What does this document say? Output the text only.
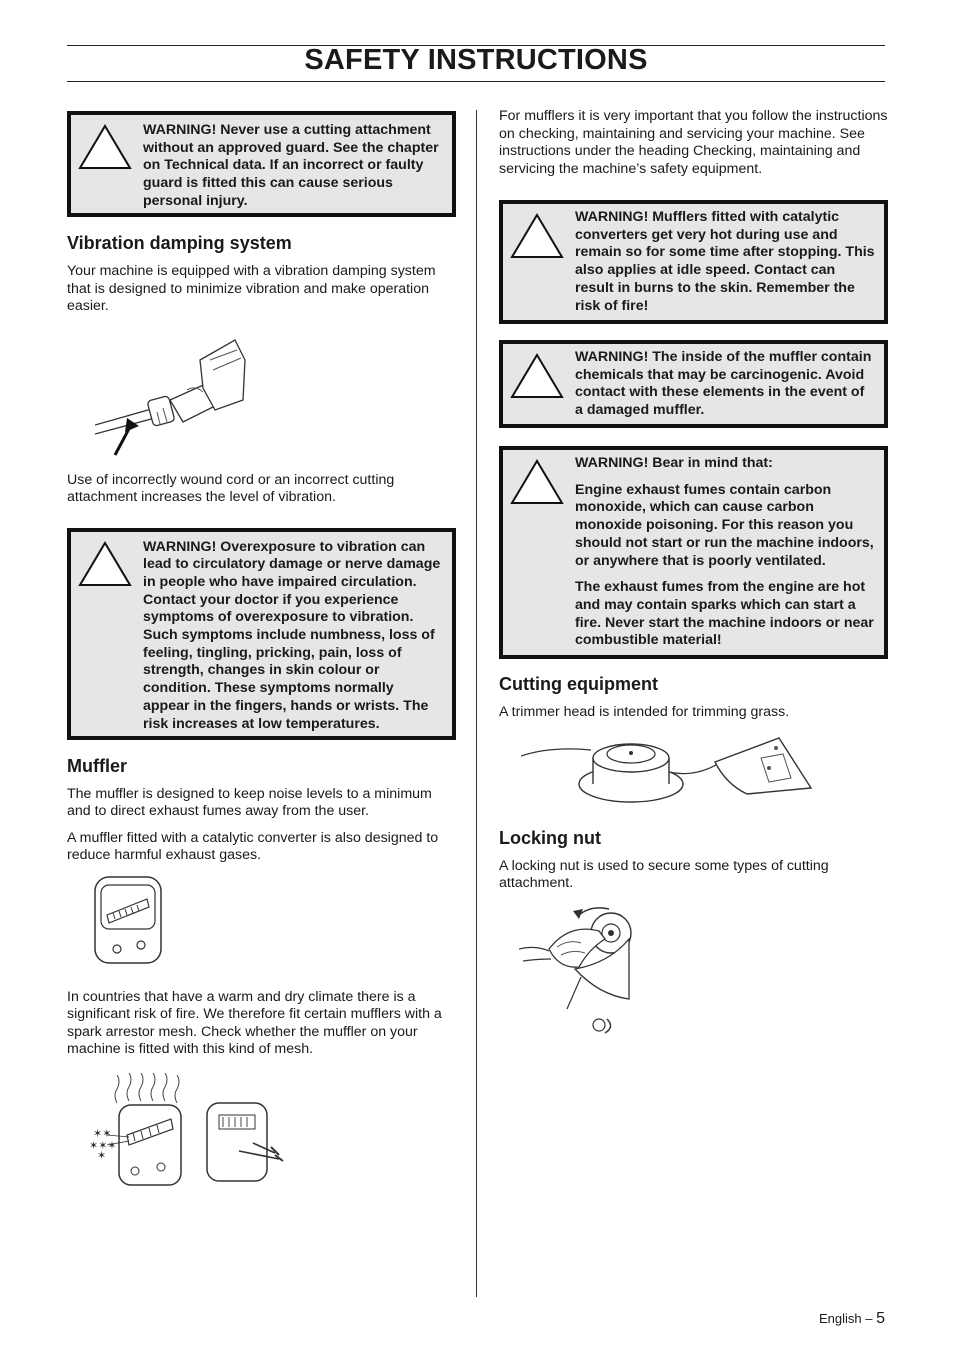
SAFETY INSTRUCTIONS

WARNING! Never use a cutting attachment without an approved guard. See the chapter on Technical data. If an incorrect or faulty guard is fitted this can cause serious personal injury.

Vibration damping system

Your machine is equipped with a vibration damping system that is designed to minimize vibration and make operation easier.

Use of incorrectly wound cord or an incorrect cutting attachment increases the level of vibration.

WARNING! Overexposure to vibration can lead to circulatory damage or nerve damage in people who have impaired circulation. Contact your doctor if you experience symptoms of overexposure to vibration. Such symptoms include numbness, loss of feeling, tingling, pricking, pain, loss of strength, changes in skin colour or condition. These symptoms normally appear in the fingers, hands or wrists. The risk increases at low temperatures.

Muffler

The muffler is designed to keep noise levels to a minimum and to direct exhaust fumes away from the user.

A muffler fitted with a catalytic converter is also designed to reduce harmful exhaust gases.

In countries that have a warm and dry climate there is a significant risk of fire. We therefore fit certain mufflers with a spark arrestor mesh. Check whether the muffler on your machine is fitted with this kind of mesh.

✶✶
✶✶✶
✶

For mufflers it is very important that you follow the instructions on checking, maintaining and servicing your machine. See instructions under the heading Checking, maintaining and servicing the machine’s safety equipment.

WARNING! Mufflers fitted with catalytic converters get very hot during use and remain so for some time after stopping. This also applies at idle speed. Contact can result in burns to the skin. Remember the risk of fire!

WARNING! The inside of the muffler contain chemicals that may be carcinogenic. Avoid contact with these elements in the event of a damaged muffler.

WARNING! Bear in mind that:

Engine exhaust fumes contain carbon monoxide, which can cause carbon monoxide poisoning. For this reason you should not start or run the machine indoors, or anywhere that is poorly ventilated.

The exhaust fumes from the engine are hot and may contain sparks which can start a fire. Never start the machine indoors or near combustible material!

Cutting equipment

A trimmer head is intended for trimming grass.

Locking nut

A locking nut is used to secure some types of cutting attachment.

English – 5
